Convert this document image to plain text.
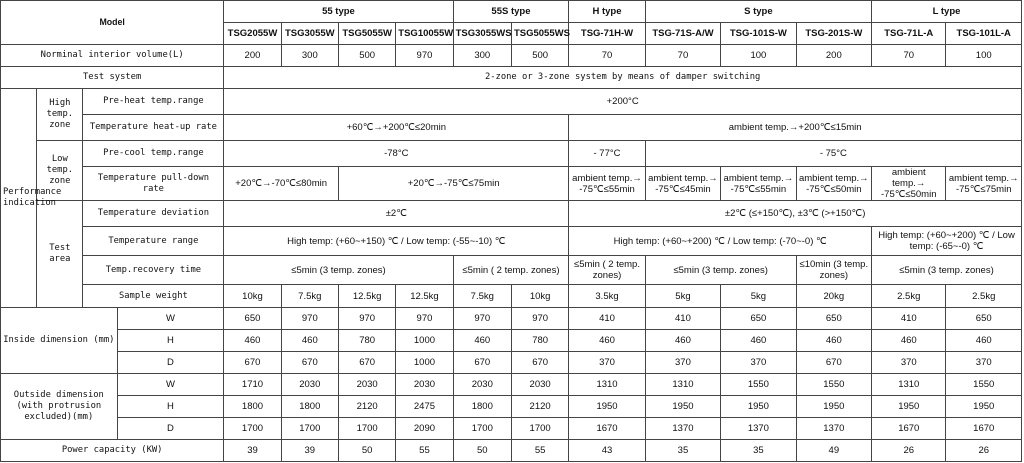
Model				55 type				55S type		H type	S type			L type	
				TSG2055W	TSG3055W	TSG5055W	TSG10055W	TSG3055WS	TSG5055WS	TSG-71H-W	TSG-71S-A/W	TSG-101S-W	TSG-201S-W	TSG-71L-A	TSG-101L-A
Norminal interior volume(L)				200	300	500	970	300	500	70	70	100	200	70	100
Test system				2-zone or 3-zone system by means of damper switching											
Performance indication	High temp. zone	Pre-heat temp.range		+200°C											
		Temperature heat-up rate		+60℃→+200℃≤20min						ambient temp.→+200℃≤15min					
	Low temp. zone	Pre-cool temp.range		-78°C						- 77°C	- 75°C				
		Temperature pull-down rate		+20℃→-70℃≤80min		+20℃→-75℃≤75min				ambient temp.→ -75℃≤55min	ambient temp.→ -75℃≤45min	ambient temp.→ -75℃≤55min	ambient temp.→ -75℃≤50min	ambient temp.→ -75℃≤50min	ambient temp.→ -75℃≤75min
	Test area	Temperature deviation		±2℃						±2℃ (≤+150℃), ±3℃ (>+150℃)					
		Temperature range		High temp: (+60~+150) ℃ / Low temp: (-55~-10) ℃						High temp: (+60~+200) ℃ / Low temp: (-70~-0) ℃				High temp: (+60~+200) ℃ / Low temp: (-65~-0) ℃	
		Temp.recovery time		≤5min (3 temp. zones)				≤5min ( 2 temp. zones)		≤5min ( 2 temp. zones)	≤5min (3 temp. zones)		≤10min (3 temp. zones)	≤5min (3 temp. zones)	
		Sample weight		10kg	7.5kg	12.5kg	12.5kg	7.5kg	10kg	3.5kg	5kg	5kg	20kg	2.5kg	2.5kg
Inside dimension (mm)			W	650	970	970	970	970	970	410	410	650	650	410	650
			H	460	460	780	1000	460	780	460	460	460	460	460	460
			D	670	670	670	1000	670	670	370	370	370	670	370	370
Outside dimension (with protrusion excluded)(mm)			W	1710	2030	2030	2030	2030	2030	1310	1310	1550	1550	1310	1550
			H	1800	1800	2120	2475	1800	2120	1950	1950	1950	1950	1950	1950
			D	1700	1700	1700	2090	1700	1700	1670	1370	1370	1370	1670	1670
Power capacity (KW)				39	39	50	55	50	55	43	35	35	49	26	26
